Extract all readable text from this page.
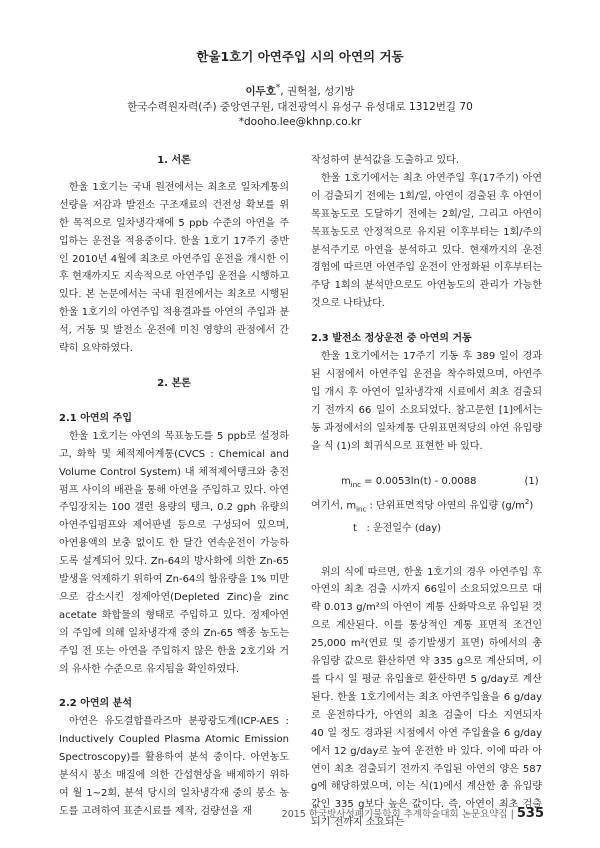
한울1호기 아연주입 시의 아연의 거동
이두호*, 권혁철, 성기방
한국수력원자력(주) 중앙연구원, 대전광역시 유성구 유성대로 1312번길 70
*dooho.lee@khnp.co.kr
1. 서론

한울 1호기는 국내 원전에서는 최초로 일차계통의 선량을 저감과 발전소 구조재료의 건전성 확보를 위한 목적으로 일차냉각재에 5 ppb 수준의 아연을 주입하는 운전을 적용중이다. 한울 1호기 17주기 중반인 2010년 4월에 최초로 아연주입 운전을 개시한 이후 현재까지도 지속적으로 아연주입 운전을 시행하고 있다. 본 논문에서는 국내 원전에서는 최초로 시행된 한울 1호기의 아연주입 적용결과를 아연의 주입과 분석, 거동 및 발전소 운전에 미친 영향의 관점에서 간략히 요약하였다.

2. 본론
2.1 아연의 주입

한울 1호기는 아연의 목표농도를 5 ppb로 설정하고, 화학 및 체적제어계통(CVCS : Chemical and Volume Control System) 내 체적제어탱크와 충전펌프 사이의 배관을 통해 아연을 주입하고 있다. 아연주입장치는 100 갤런 용량의 탱크, 0.2 gph 유량의 아연주입펌프와 제어판넬 등으로 구성되어 있으며, 아연용액의 보충 없이도 한 달간 연속운전이 가능하도록 설계되어 있다. Zn-64의 방사화에 의한 Zn-65 발생을 억제하기 위하여 Zn-64의 함유량을 1% 미만으로 감소시킨 정제아연(Depleted Zinc)을 zinc acetate 화합물의 형태로 주입하고 있다. 정제아연의 주입에 의해 일차냉각재 중의 Zn-65 핵종 농도는 주입 전 또는 아연을 주입하지 않은 한울 2호기와 거의 유사한 수준으로 유지됨을 확인하였다.

2.2 아연의 분석

아연은 유도결합플라즈마 분광광도계(ICP-AES : Inductively Coupled Plasma Atomic Emission Spectroscopy)를 활용하여 분석 중이다. 아연농도 분석시 봉소 매질에 의한 간섭현상을 배제하기 위하여 월 1~2회, 분석 당시의 일차냉각재 중의 봉소 농도를 고려하여 표준시료를 제작, 검량선을 재

작성하여 분석값을 도출하고 있다.

한울 1호기에서는 최초 아연주입 후(17주기) 아연이 검출되기 전에는 1회/일, 아연이 검출된 후 아연이 목표농도로 도달하기 전에는 2회/일, 그리고 아연이 목표농도로 안정적으로 유지된 이후부터는 1회/주의 분석주기로 아연을 분석하고 있다. 현재까지의 운전경험에 따르면 아연주입 운전이 안정화된 이후부터는 주당 1회의 분석만으로도 아연농도의 관리가 가능한 것으로 나타났다.

2.3 발전소 정상운전 중 아연의 거동

한울 1호기에서는 17주기 기동 후 389 일이 경과된 시점에서 아연주입 운전을 착수하였으며, 아연주입 개시 후 아연이 일차냉각재 시료에서 최초 검출되기 전까지 66 일이 소요되었다. 참고문헌 [1]에서는 동 과정에서의 일차계통 단위표면적당의 아연 유입량을 식 (1)의 회귀식으로 표현한 바 있다.

$m_{inc} = 0.0053\ln(t) - 0.0088$	(1)
여기서, $m_{inc}$ : 단위표면적당 아연의 유입량 $(g/m^2)$
t   : 운전일수 (day)

위의 식에 따르면, 한울 1호기의 경우 아연주입 후 아연의 최초 검출 시까지 66일이 소요되었으므로 대략 0.013 g/m²의 아연이 계통 산화막으로 유입된 것으로 계산된다. 이를 통상적인 계통 표면적 조건인 25,000 m²(연료 및 증기발생기 표면) 하에서의 총 유입량 값으로 환산하면 약 335 g으로 계산되며, 이를 다시 일 평균 유입율로 환산하면 5 g/day로 계산된다. 한울 1호기에서는 최초 아연주입율을 6 g/day로 운전하다가, 아연의 최초 검출이 다소 지연되자 40 일 정도 경과된 시점에서 아연 주입율을 6 g/day에서 12 g/day로 높여 운전한 바 있다. 이에 따라 아연이 최초 검출되기 전까지 주입된 아연의 양은 587 g에 해당하였으며, 이는 식(1)에서 계산한 총 유입량 값인 335 g보다 높은 값이다. 즉, 아연이 최초 검출되기 전까지 소요되는

2015 한국방사성폐기물학회 추계학술대회 논문요약집 | 535
